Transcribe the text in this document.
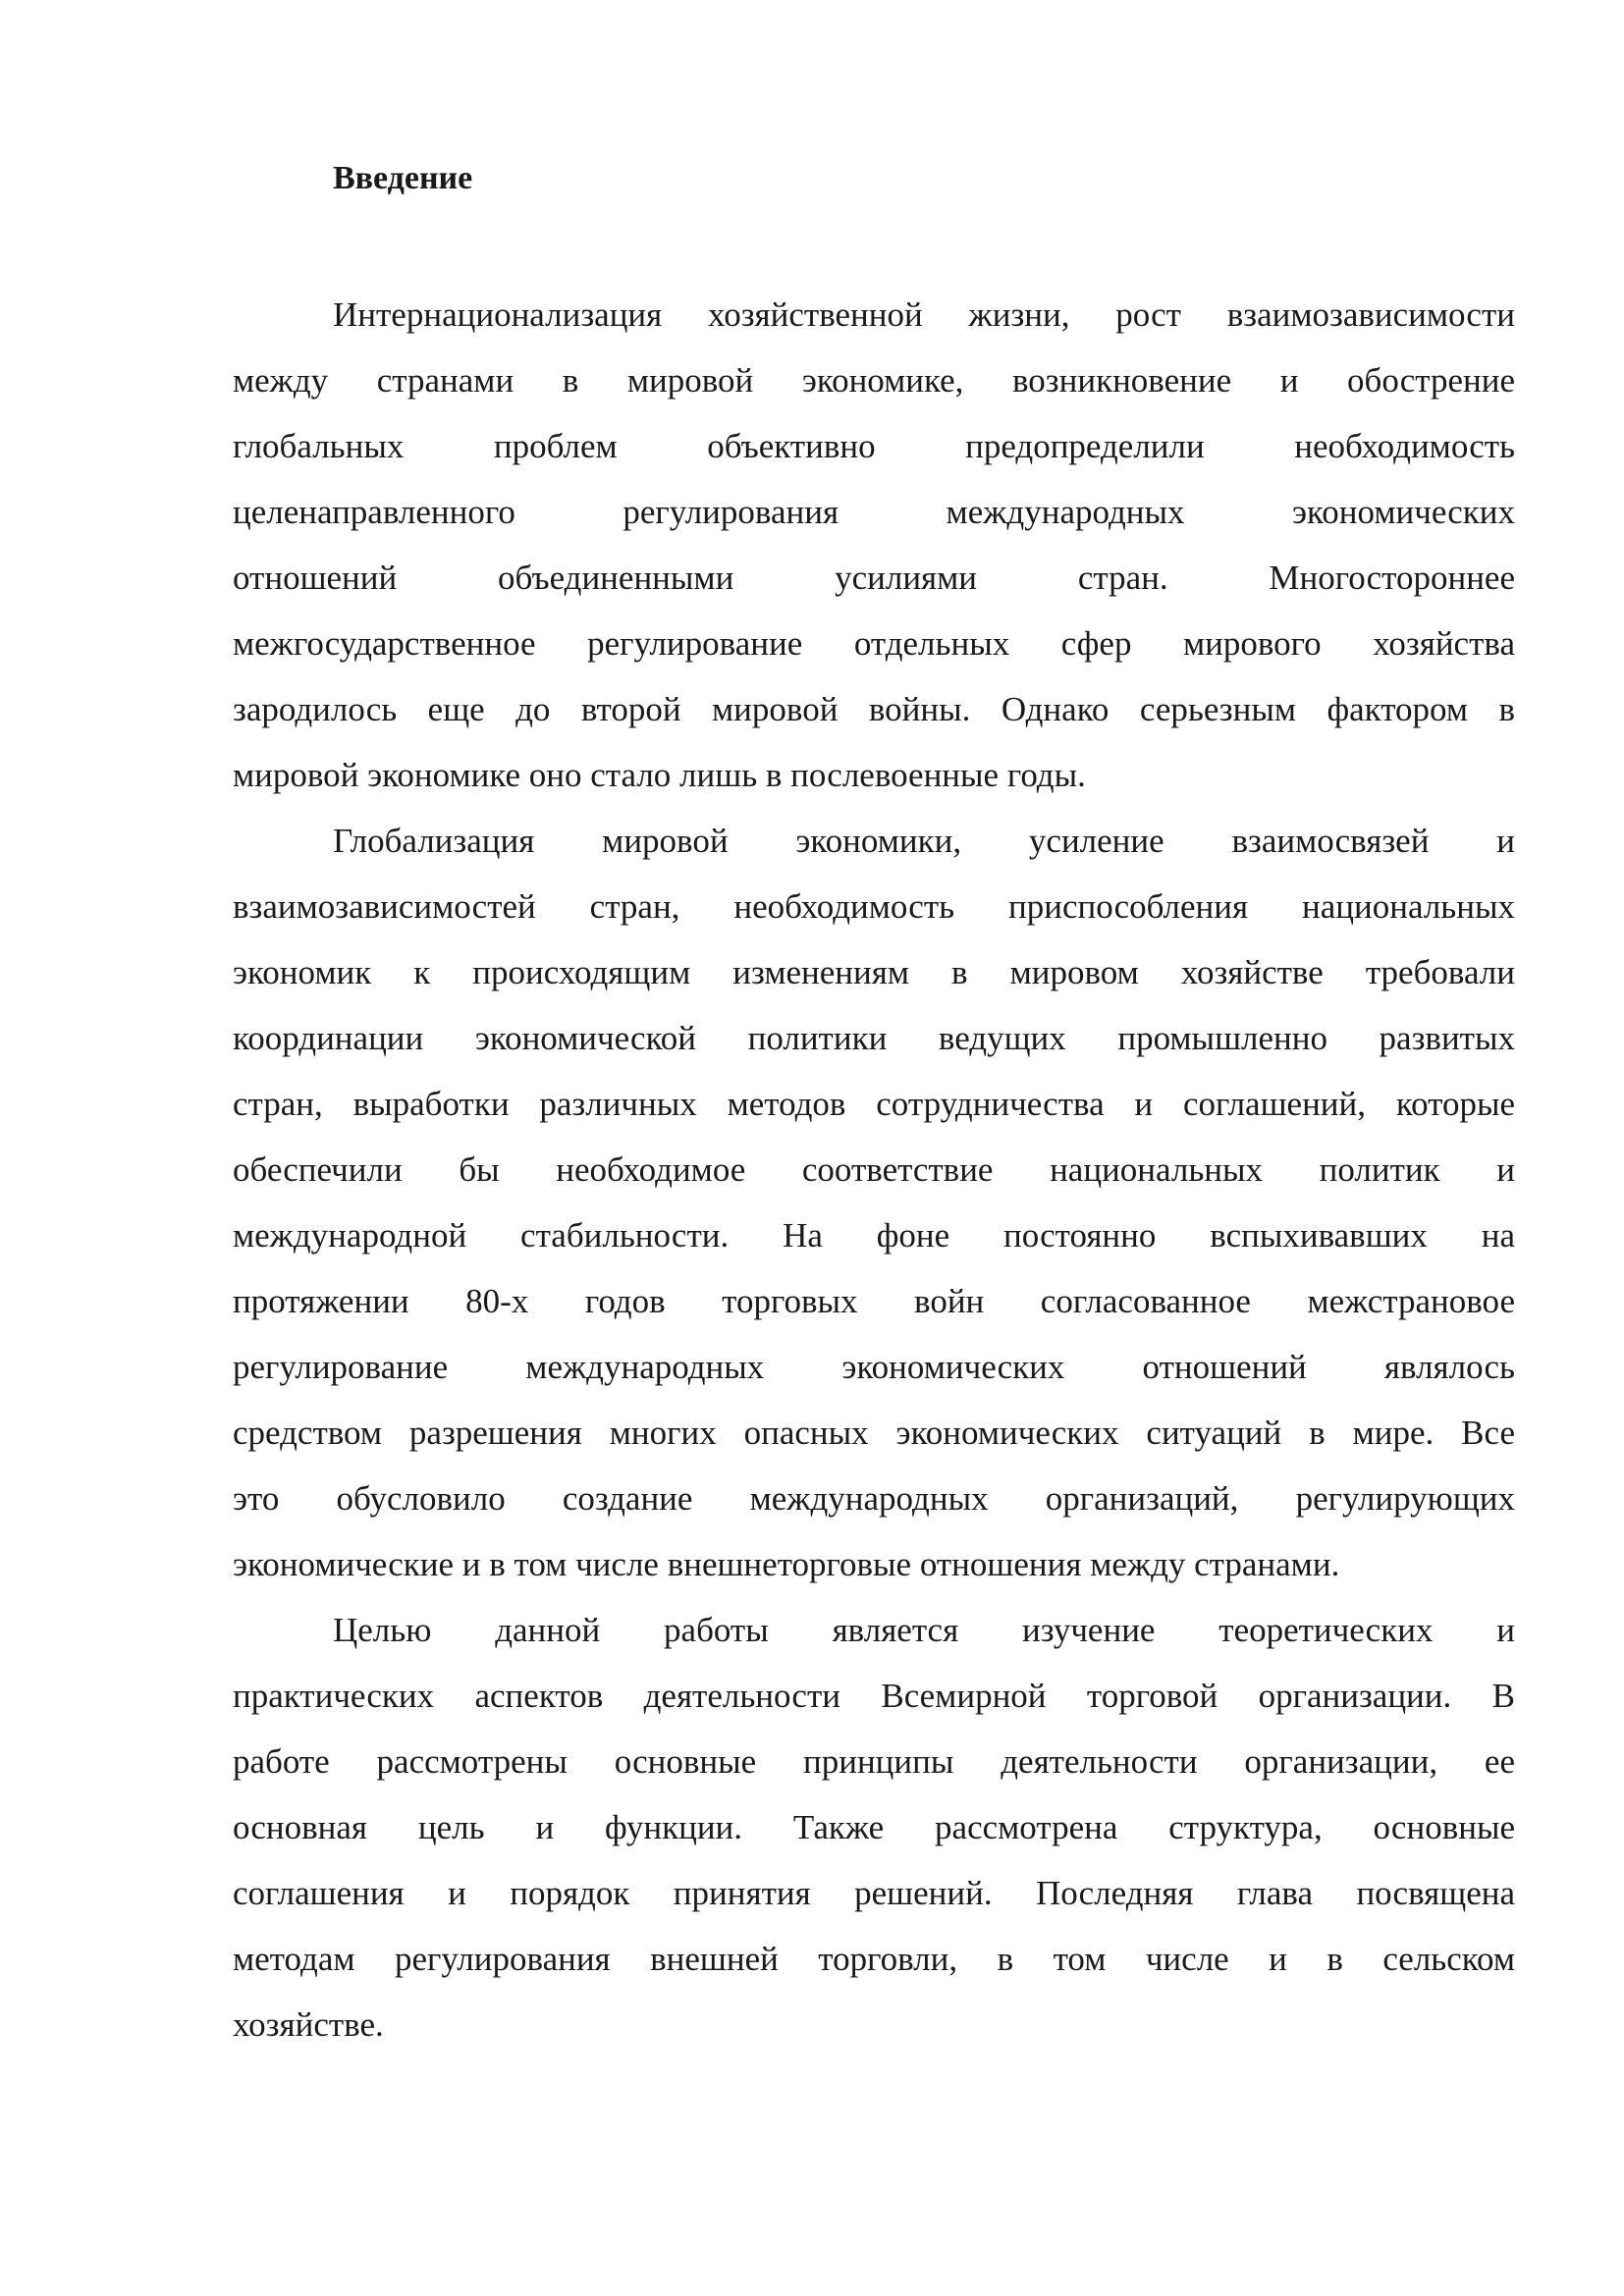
Введение
Интернационализация хозяйственной жизни, рост взаимозависимости
между странами в мировой экономике, возникновение и обострение
глобальных проблем объективно предопределили необходимость
целенаправленного регулирования международных экономических
отношений объединенными усилиями стран. Многостороннее
межгосударственное регулирование отдельных сфер мирового хозяйства
зародилось еще до второй мировой войны. Однако серьезным фактором в
мировой экономике оно стало лишь в послевоенные годы.
Глобализация мировой экономики, усиление взаимосвязей и
взаимозависимостей стран, необходимость приспособления национальных
экономик к происходящим изменениям в мировом хозяйстве требовали
координации экономической политики ведущих промышленно развитых
стран, выработки различных методов сотрудничества и соглашений, которые
обеспечили бы необходимое соответствие национальных политик и
международной стабильности. На фоне постоянно вспыхивавших на
протяжении 80-х годов торговых войн согласованное межстрановое
регулирование международных экономических отношений являлось
средством разрешения многих опасных экономических ситуаций в мире. Все
это обусловило создание международных организаций, регулирующих
экономические и в том числе внешнеторговые отношения между странами.
Целью данной работы является изучение теоретических и
практических аспектов деятельности Всемирной торговой организации. В
работе рассмотрены основные принципы деятельности организации, ее
основная цель и функции. Также рассмотрена структура, основные
соглашения и порядок принятия решений. Последняя глава посвящена
методам регулирования внешней торговли, в том числе и в сельском
хозяйстве.
